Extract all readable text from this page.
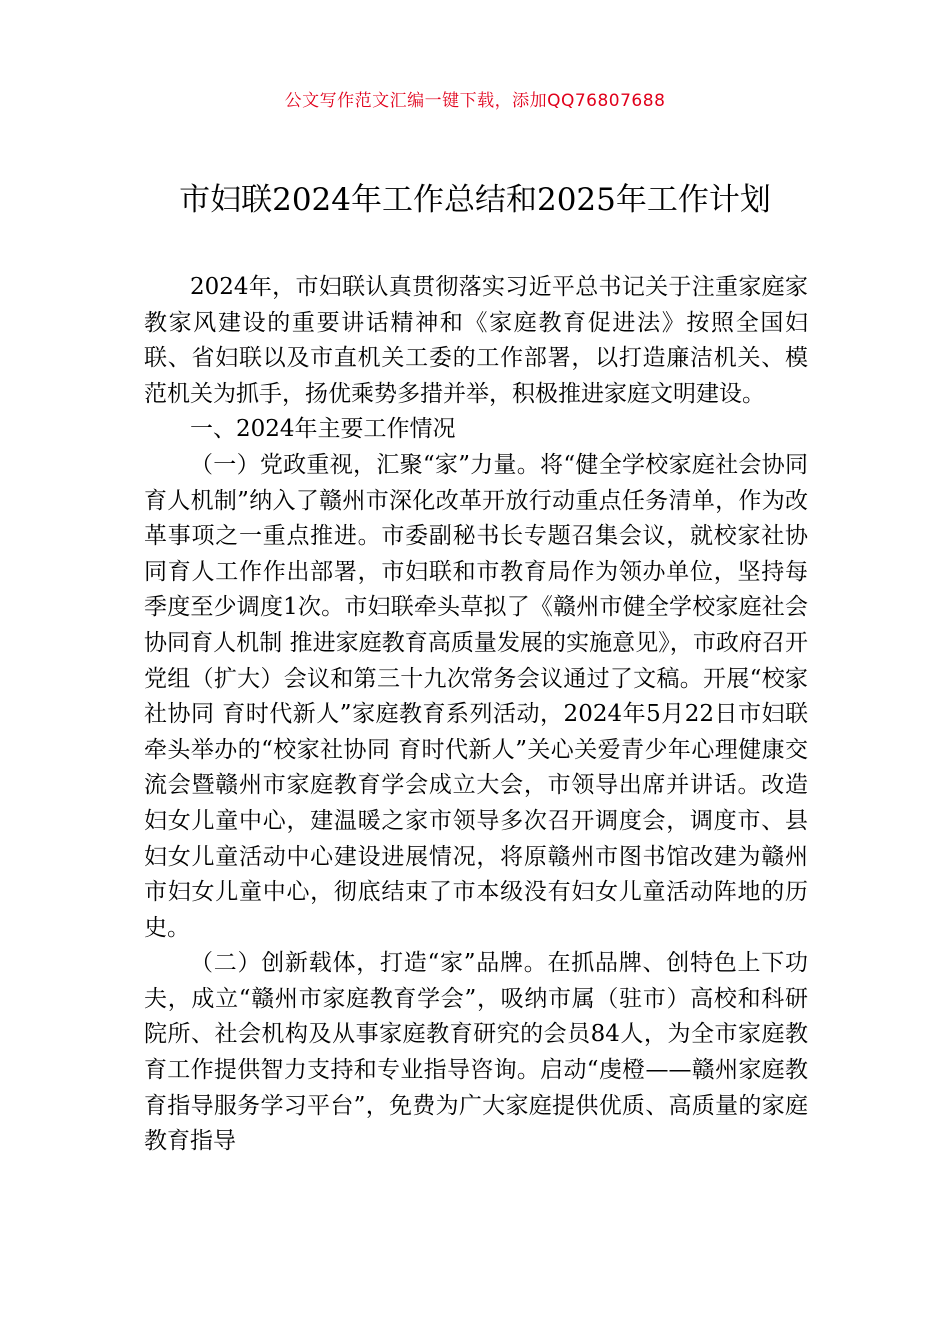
公文写作范文汇编一键下载，添加QQ76807688
市妇联2024年工作总结和2025年工作计划

2024年，市妇联认真贯彻落实习近平总书记关于注重家庭家教家风建设的重要讲话精神和《家庭教育促进法》按照全国妇联、省妇联以及市直机关工委的工作部署，以打造廉洁机关、模范机关为抓手，扬优乘势多措并举，积极推进家庭文明建设。

一、2024年主要工作情况

（一）党政重视，汇聚“家”力量。将“健全学校家庭社会协同育人机制”纳入了赣州市深化改革开放行动重点任务清单，作为改革事项之一重点推进。市委副秘书长专题召集会议，就校家社协同育人工作作出部署，市妇联和市教育局作为领办单位，坚持每季度至少调度1次。市妇联牵头草拟了《赣州市健全学校家庭社会协同育人机制 推进家庭教育高质量发展的实施意见》，市政府召开党组（扩大）会议和第三十九次常务会议通过了文稿。开展“校家社协同 育时代新人”家庭教育系列活动，2024年5月22日市妇联牵头举办的“校家社协同 育时代新人”关心关爱青少年心理健康交流会暨赣州市家庭教育学会成立大会，市领导出席并讲话。改造妇女儿童中心，建温暖之家市领导多次召开调度会，调度市、县妇女儿童活动中心建设进展情况，将原赣州市图书馆改建为赣州市妇女儿童中心，彻底结束了市本级没有妇女儿童活动阵地的历史。

（二）创新载体，打造“家”品牌。在抓品牌、创特色上下功夫，成立“赣州市家庭教育学会”，吸纳市属（驻市）高校和科研院所、社会机构及从事家庭教育研究的会员84人，为全市家庭教育工作提供智力支持和专业指导咨询。启动“虔橙——赣州家庭教育指导服务学习平台”，免费为广大家庭提供优质、高质量的家庭教育指导
